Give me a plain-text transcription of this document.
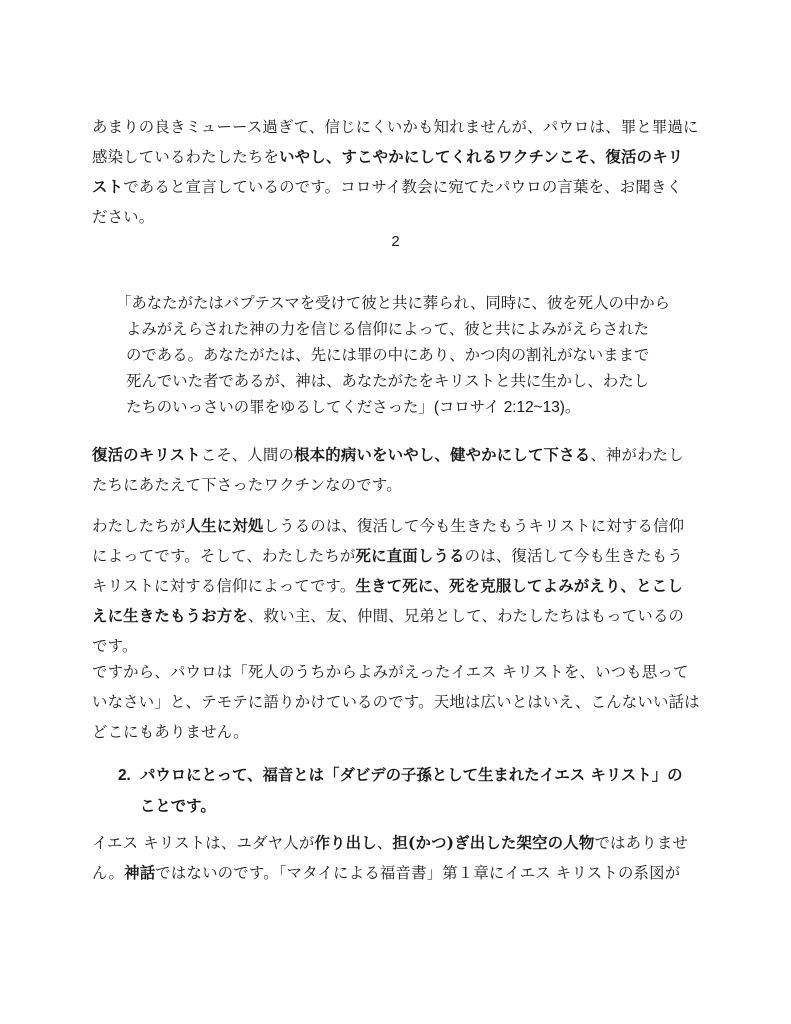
あまりの良きミューース過ぎて、信じにくいかも知れませんが、パウロは、罪と罪過に
感染しているわたしたちをいやし、すこやかにしてくれるワクチンこそ、復活のキリ
ストであると宣言しているのです。コロサイ教会に宛てたパウロの言葉を、お聞きく
ださい。

2

「あなたがたはバプテスマを受けて彼と共に葬られ、同時に、彼を死人の中から
よみがえらされた神の力を信じる信仰によって、彼と共によみがえらされた
のである。あなたがたは、先には罪の中にあり、かつ肉の割礼がないままで
死んでいた者であるが、神は、あなたがたをキリストと共に生かし、わたし
たちのいっさいの罪をゆるしてくださった」(コロサイ 2:12~13)。

復活のキリストこそ、人間の根本的病いをいやし、健やかにして下さる、神がわたし
たちにあたえて下さったワクチンなのです。

わたしたちが人生に対処しうるのは、復活して今も生きたもうキリストに対する信仰
によってです。そして、わたしたちが死に直面しうるのは、復活して今も生きたもう
キリストに対する信仰によってです。生きて死に、死を克服してよみがえり、とこし
えに生きたもうお方を、救い主、友、仲間、兄弟として、わたしたちはもっているの
です。

ですから、パウロは「死人のうちからよみがえったイエス キリストを、いつも思って
いなさい」と、テモテに語りかけているのです。天地は広いとはいえ、こんないい話は
どこにもありません。

2. パウロにとって、福音とは「ダビデの子孫として生まれたイエス キリスト」の
ことです。

イエス キリストは、ユダヤ人が作り出し、担(かつ)ぎ出した架空の人物ではありませ
ん。神話ではないのです。「マタイによる福音書」第１章にイエス キリストの系図が
